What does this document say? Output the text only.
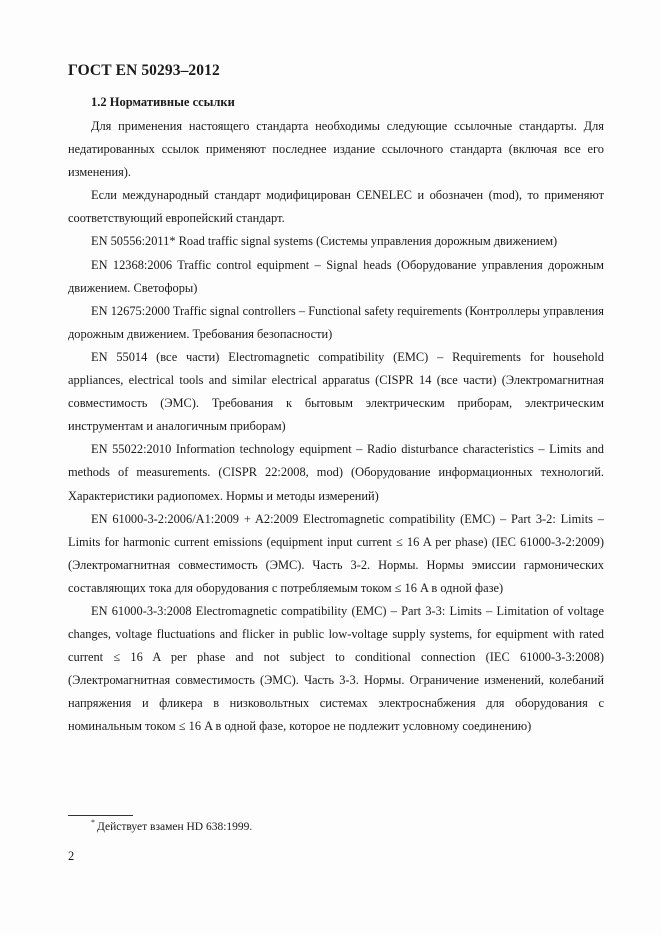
ГОСТ EN 50293–2012
1.2 Нормативные ссылки

Для применения настоящего стандарта необходимы следующие ссылочные стандарты. Для недатированных ссылок применяют последнее издание ссылочного стандарта (включая все его изменения).

Если международный стандарт модифицирован CENELEC и обозначен (mod), то применяют соответствующий европейский стандарт.

EN 50556:2011* Road traffic signal systems (Системы управления дорожным движением)

EN 12368:2006 Traffic control equipment – Signal heads (Оборудование управления дорожным движением. Светофоры)

EN 12675:2000 Traffic signal controllers – Functional safety requirements (Контроллеры управления дорожным движением. Требования безопасности)

EN 55014 (все части) Electromagnetic compatibility (EMC) – Requirements for household appliances, electrical tools and similar electrical apparatus (CISPR 14 (все части) (Электромагнитная совместимость (ЭМС). Требования к бытовым электрическим приборам, электрическим инструментам и аналогичным приборам)

EN 55022:2010 Information technology equipment – Radio disturbance characteristics – Limits and methods of measurements. (CISPR 22:2008, mod) (Оборудование информационных технологий. Характеристики радиопомех. Нормы и методы измерений)

EN 61000-3-2:2006/A1:2009 + A2:2009 Electromagnetic compatibility (EMC) – Part 3-2: Limits – Limits for harmonic current emissions (equipment input current ≤ 16 A per phase) (IEC 61000-3-2:2009) (Электромагнитная совместимость (ЭМС). Часть 3-2. Нормы. Нормы эмиссии гармонических составляющих тока для оборудования с потребляемым током ≤ 16 A в одной фазе)

EN 61000-3-3:2008 Electromagnetic compatibility (EMC) – Part 3-3: Limits – Limitation of voltage changes, voltage fluctuations and flicker in public low-voltage supply systems, for equipment with rated current ≤ 16 A per phase and not subject to conditional connection (IEC 61000-3-3:2008) (Электромагнитная совместимость (ЭМС). Часть 3-3. Нормы. Ограничение изменений, колебаний напряжения и фликера в низковольтных системах электроснабжения для оборудования с номинальным током ≤ 16 A в одной фазе, которое не подлежит условному соединению)

* Действует взамен HD 638:1999.
2
